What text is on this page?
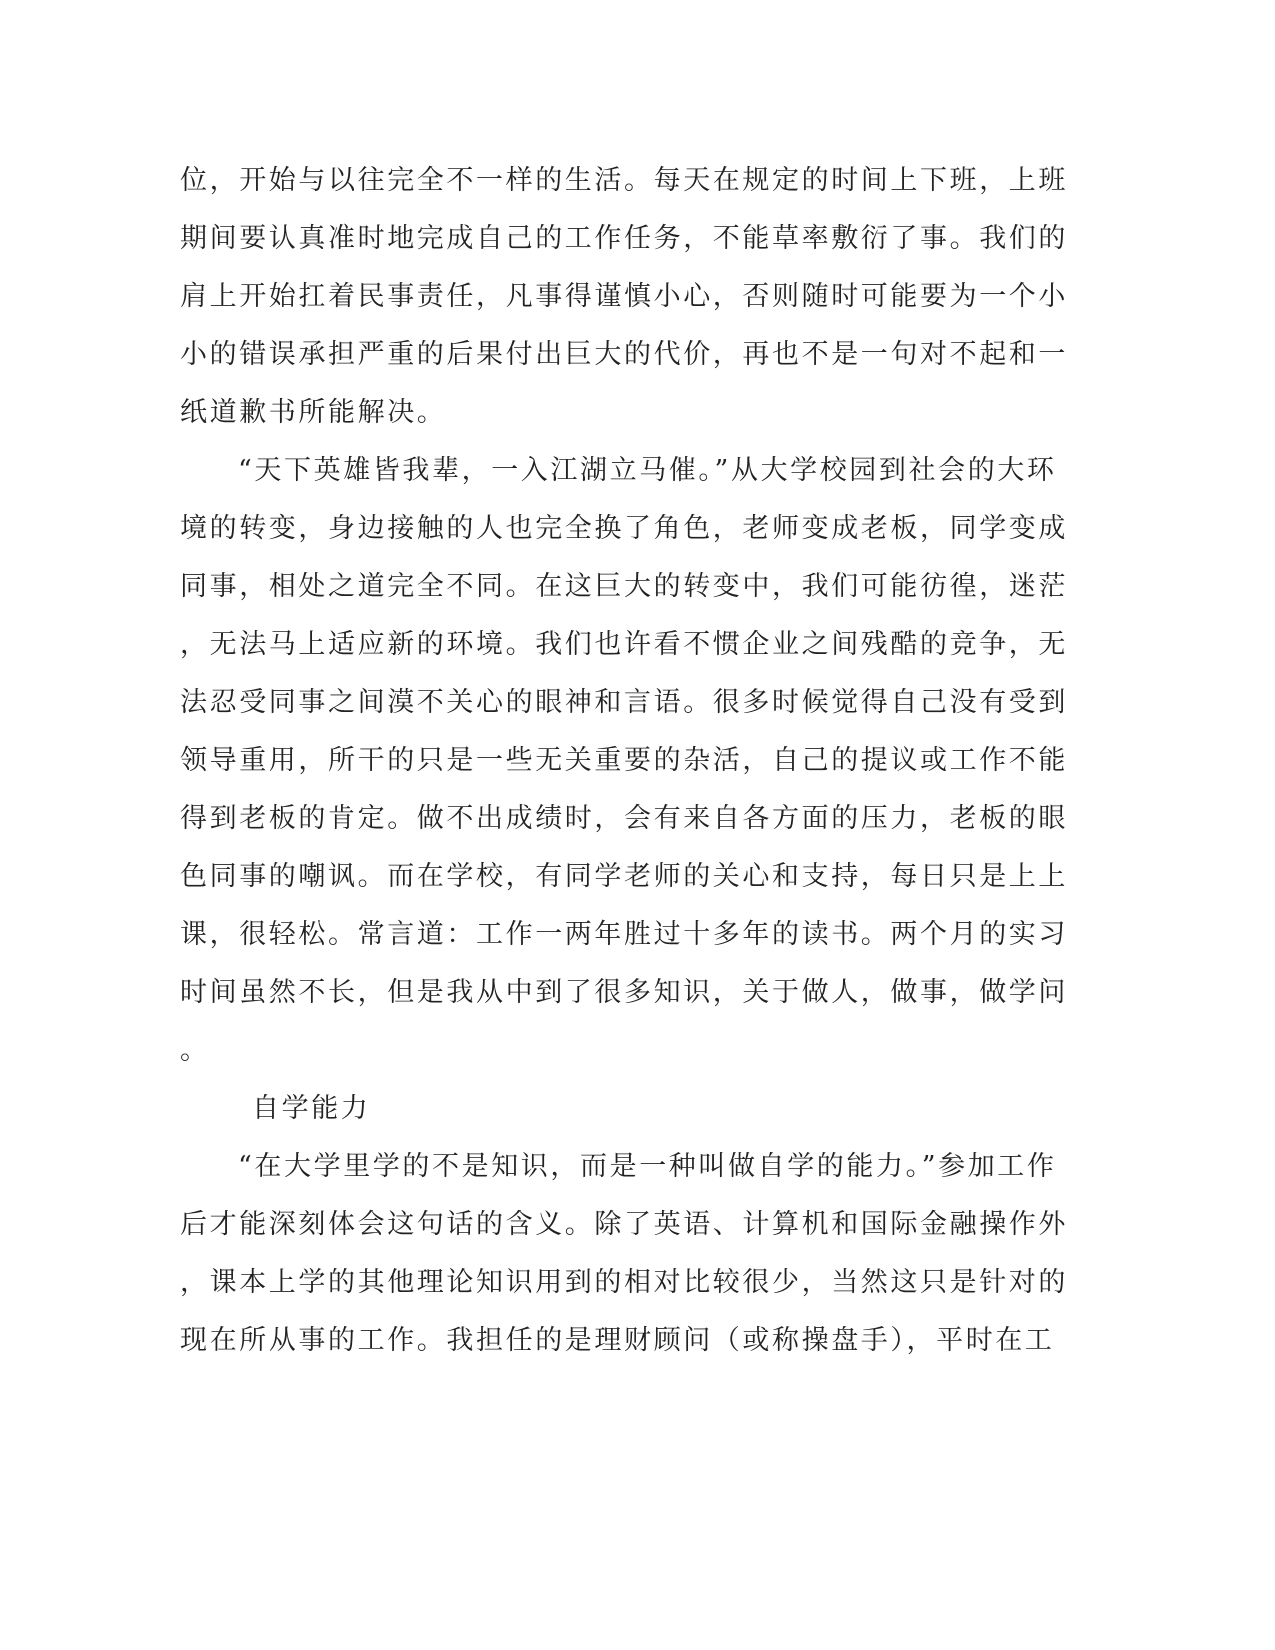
位，开始与以往完全不一样的生活。每天在规定的时间上下班，上班

期间要认真准时地完成自己的工作任务，不能草率敷衍了事。我们的

肩上开始扛着民事责任，凡事得谨慎小心，否则随时可能要为一个小

小的错误承担严重的后果付出巨大的代价，再也不是一句对不起和一

纸道歉书所能解决。

“天下英雄皆我辈，一入江湖立马催。”从大学校园到社会的大环

境的转变，身边接触的人也完全换了角色，老师变成老板，同学变成

同事，相处之道完全不同。在这巨大的转变中，我们可能彷徨，迷茫

，无法马上适应新的环境。我们也许看不惯企业之间残酷的竞争，无

法忍受同事之间漠不关心的眼神和言语。很多时候觉得自己没有受到

领导重用，所干的只是一些无关重要的杂活，自己的提议或工作不能

得到老板的肯定。做不出成绩时，会有来自各方面的压力，老板的眼

色同事的嘲讽。而在学校，有同学老师的关心和支持，每日只是上上

课，很轻松。常言道：工作一两年胜过十多年的读书。两个月的实习

时间虽然不长，但是我从中到了很多知识，关于做人，做事，做学问

。

自学能力

“在大学里学的不是知识，而是一种叫做自学的能力。”参加工作

后才能深刻体会这句话的含义。除了英语、计算机和国际金融操作外

，课本上学的其他理论知识用到的相对比较很少，当然这只是针对的

现在所从事的工作。我担任的是理财顾问（或称操盘手），平时在工
